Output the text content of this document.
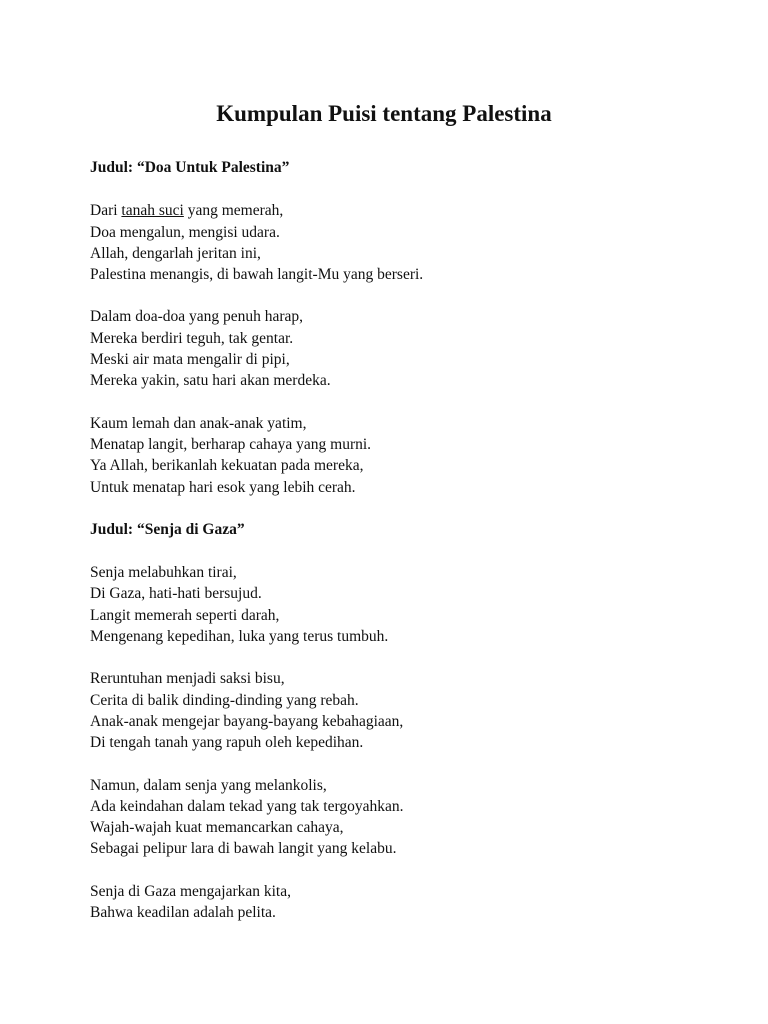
Kumpulan Puisi tentang Palestina
Judul: “Doa Untuk Palestina”
Dari tanah suci yang memerah,
Doa mengalun, mengisi udara.
Allah, dengarlah jeritan ini,
Palestina menangis, di bawah langit-Mu yang berseri.
Dalam doa-doa yang penuh harap,
Mereka berdiri teguh, tak gentar.
Meski air mata mengalir di pipi,
Mereka yakin, satu hari akan merdeka.
Kaum lemah dan anak-anak yatim,
Menatap langit, berharap cahaya yang murni.
Ya Allah, berikanlah kekuatan pada mereka,
Untuk menatap hari esok yang lebih cerah.
Judul: “Senja di Gaza”
Senja melabuhkan tirai,
Di Gaza, hati-hati bersujud.
Langit memerah seperti darah,
Mengenang kepedihan, luka yang terus tumbuh.
Reruntuhan menjadi saksi bisu,
Cerita di balik dinding-dinding yang rebah.
Anak-anak mengejar bayang-bayang kebahagiaan,
Di tengah tanah yang rapuh oleh kepedihan.
Namun, dalam senja yang melankolis,
Ada keindahan dalam tekad yang tak tergoyahkan.
Wajah-wajah kuat memancarkan cahaya,
Sebagai pelipur lara di bawah langit yang kelabu.
Senja di Gaza mengajarkan kita,
Bahwa keadilan adalah pelita.
